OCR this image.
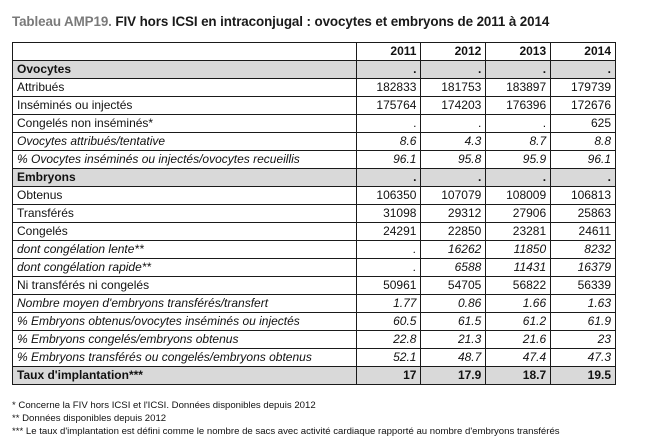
Tableau AMP19. FIV hors ICSI en intraconjugal : ovocytes et embryons de 2011 à 2014
	2011	2012	2013	2014
Ovocytes	.	.	.	.
Attribués	182833	181753	183897	179739
Inséminés ou injectés	175764	174203	176396	172676
Congelés non inséminés*	.	.	.	625
Ovocytes attribués/tentative	8.6	4.3	8.7	8.8
% Ovocytes inséminés ou injectés/ovocytes recueillis	96.1	95.8	95.9	96.1
Embryons	.	.	.	.
Obtenus	106350	107079	108009	106813
Transférés	31098	29312	27906	25863
Congelés	24291	22850	23281	24611
dont congélation lente**	.	16262	11850	8232
dont congélation rapide**	.	6588	11431	16379
Ni transférés ni congelés	50961	54705	56822	56339
Nombre moyen d'embryons transférés/transfert	1.77	0.86	1.66	1.63
% Embryons obtenus/ovocytes inséminés ou injectés	60.5	61.5	61.2	61.9
% Embryons congelés/embryons obtenus	22.8	21.3	21.6	23
% Embryons transférés ou congelés/embryons obtenus	52.1	48.7	47.4	47.3
Taux d'implantation***	17	17.9	18.7	19.5
* Concerne la FIV hors ICSI et l'ICSI. Données disponibles depuis 2012
** Données disponibles depuis 2012
*** Le taux d'implantation est défini comme le nombre de sacs avec activité cardiaque rapporté au nombre d'embryons transférés
